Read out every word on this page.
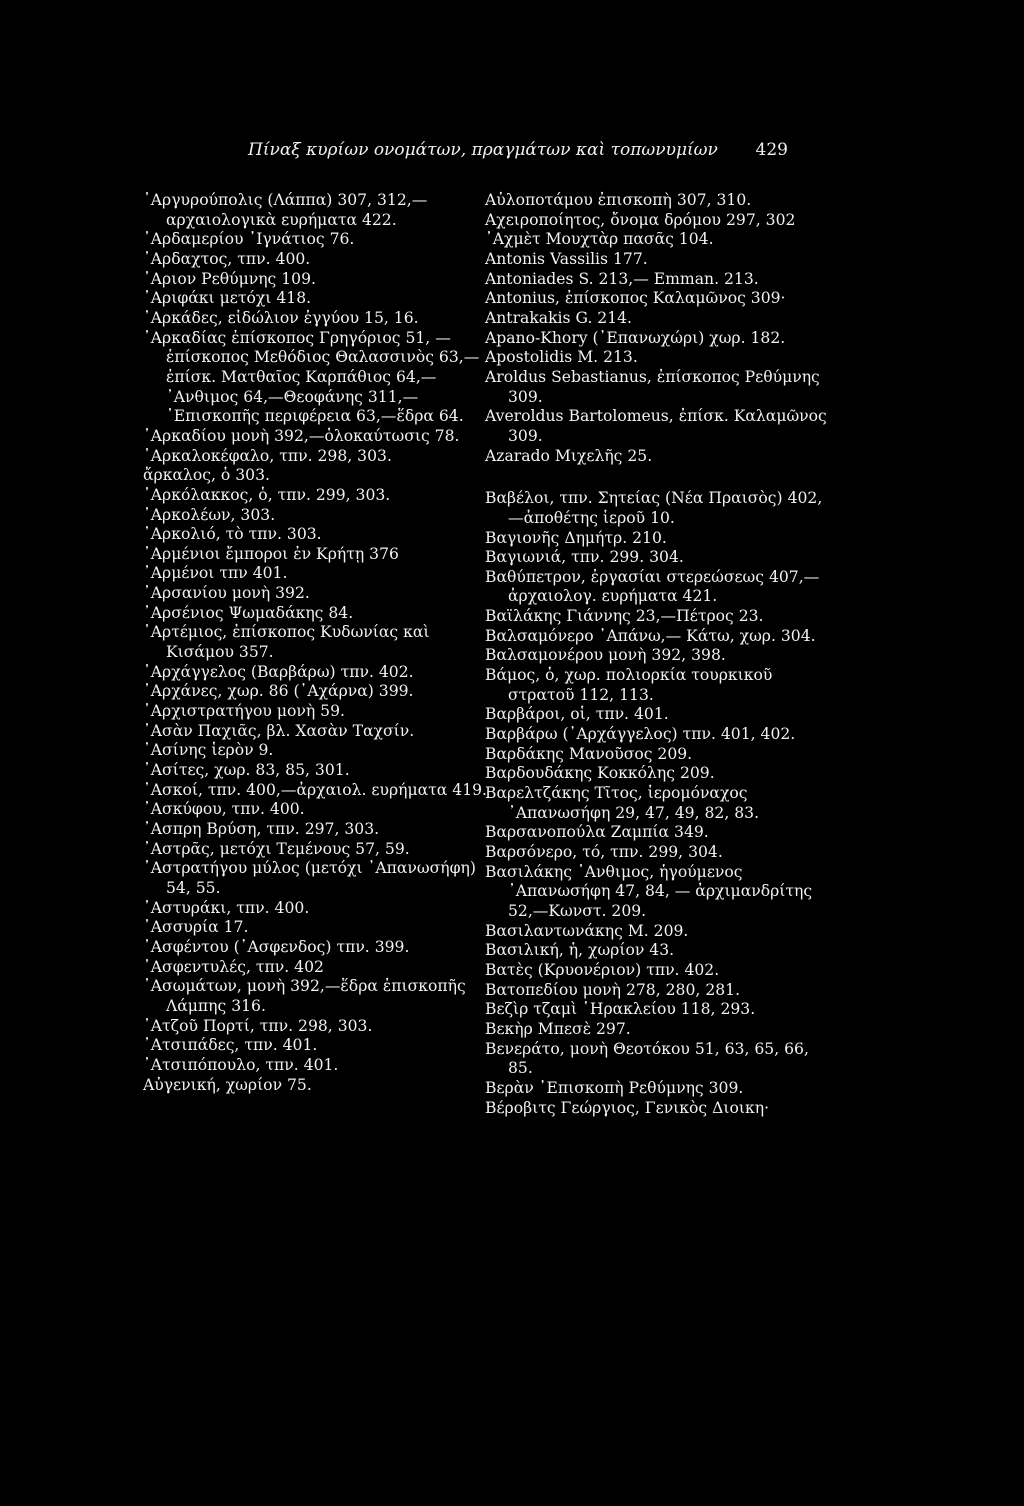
Πίναξ κυρίων ονομάτων, πραγμάτων καὶ τοπωνυμίων 429
᾿Αργυρούπολις (Λάππα) 307, 312,—αρχαιολογικὰ ευρήματα 422.
᾿Αρδαμερίου ᾿Ιγνάτιος 76.
᾿Αρδαχτος, τπν. 400.
᾿Αριον Ρεθύμνης 109.
᾿Αριφάκι μετόχι 418.
᾿Αρκάδες, εἰδώλιον ἐγγύου 15, 16.
᾿Αρκαδίας ἐπίσκοπος Γρηγόριος 51, —ἐπίσκοπος Μεθόδιος Θαλασσινὸς 63,—ἐπίσκ. Ματθαῖος Καρπάθιος 64,—᾿Ανθιμος 64,—Θεοφάνης 311,—᾿Επισκοπῆς περιφέρεια 63,—ἕδρα 64.
᾿Αρκαδίου μονὴ 392,—ὁλοκαύτωσις 78.
᾿Αρκαλοκέφαλο, τπν. 298, 303.
ἄρκαλος, ὁ 303.
᾿Αρκόλακκος, ὁ, τπν. 299, 303.
᾿Αρκολέων, 303.
᾿Αρκολιό, τὸ τπν. 303.
᾿Αρμένιοι ἔμποροι ἐν Κρήτῃ 376
᾿Αρμένοι τπν 401.
᾿Αρσανίου μονὴ 392.
᾿Αρσένιος Ψωμαδάκης 84.
᾿Αρτέμιος, ἐπίσκοπος Κυδωνίας καὶ Κισάμου 357.
᾿Αρχάγγελος (Βαρβάρω) τπν. 402.
᾿Αρχάνες, χωρ. 86 (᾿Αχάρνα) 399.
᾿Αρχιστρατήγου μονὴ 59.
᾿Ασὰν Παχιᾶς, βλ. Χασὰν Ταχσίν.
᾿Ασίνης ἱερὸν 9.
᾿Ασίτες, χωρ. 83, 85, 301.
᾿Ασκοί, τπν. 400,—ἀρχαιολ. ευρήματα 419.
᾿Ασκύφου, τπν. 400.
᾿Ασπρη Βρύση, τπν. 297, 303.
᾿Αστρᾶς, μετόχι Τεμένους 57, 59.
᾿Αστρατήγου μύλος (μετόχι ᾿Απανωσήφη) 54, 55.
᾿Αστυράκι, τπν. 400.
᾿Ασσυρία 17.
᾿Ασφέντου (᾿Ασφενδος) τπν. 399.
᾿Ασφεντυλές, τπν. 402
᾿Ασωμάτων, μονὴ 392,—ἕδρα ἐπισκοπῆς Λάμπης 316.
᾿Ατζοῦ Πορτί, τπν. 298, 303.
᾿Ατσιπάδες, τπν. 401.
᾿Ατσιπόπουλο, τπν. 401.
Αὐγενική, χωρίον 75.
Αὐλοποτάμου ἐπισκοπὴ 307, 310.
Αχειροποίητος, ὄνομα δρόμου 297, 302
᾿Αχμὲτ Μουχτὰρ πασᾶς 104.
Antonis Vassilis 177.
Antoniades S. 213,— Emman. 213.
Antonius, ἐπίσκοπος Καλαμῶνος 309·
Antrakakis G. 214.
Apano-Khory (᾿Επανωχώρι) χωρ. 182.
Apostolidis M. 213.
Aroldus Sebastianus, ἐπίσκοπος Ρεθύμνης 309.
Averoldus Bartolomeus, ἐπίσκ. Καλαμῶνος 309.
Azarado Μιχελῆς 25.
Βαβέλοι, τπν. Σητείας (Νέα Πραισὸς) 402,—ἀποθέτης ἱεροῦ 10.
Βαγιονῆς Δημήτρ. 210.
Βαγιωνιά, τπν. 299. 304.
Βαθύπετρον, ἐργασίαι στερεώσεως 407,— ἀρχαιολογ. ευρήματα 421.
Βαϊλάκης Γιάννης 23,—Πέτρος 23.
Βαλσαμόνερο ᾿Απάνω,— Κάτω, χωρ. 304.
Βαλσαμονέρου μονὴ 392, 398.
Βάμος, ὁ, χωρ. πολιορκία τουρκικοῦ στρατοῦ 112, 113.
Βαρβάροι, οἱ, τπν. 401.
Βαρβάρω (᾿Αρχάγγελος) τπν. 401, 402.
Βαρδάκης Μανοῦσος 209.
Βαρδουδάκης Κοκκόλης 209.
Βαρελτζάκης Τῖτος, ἱερομόναχος ᾿Απανωσήφη 29, 47, 49, 82, 83.
Βαρσανοπούλα Ζαμπία 349.
Βαρσόνερο, τό, τπν. 299, 304.
Βασιλάκης ᾿Ανθιμος, ἡγούμενος ᾿Απανωσήφη 47, 84, — ἀρχιμανδρίτης 52,—Κωνστ. 209.
Βασιλαντωνάκης Μ. 209.
Βασιλική, ἡ, χωρίον 43.
Βατὲς (Κρυονέριον) τπν. 402.
Βατοπεδίου μονὴ 278, 280, 281.
Βεζὶρ τζαμὶ ῾Ηρακλείου 118, 293.
Βεκὴρ Μπεσὲ 297.
Βενεράτο, μονὴ Θεοτόκου 51, 63, 65, 66, 85.
Βερὰν ᾿Επισκοπὴ Ρεθύμνης 309.
Βέροβιτς Γεώργιος, Γενικὸς Διοικη·
